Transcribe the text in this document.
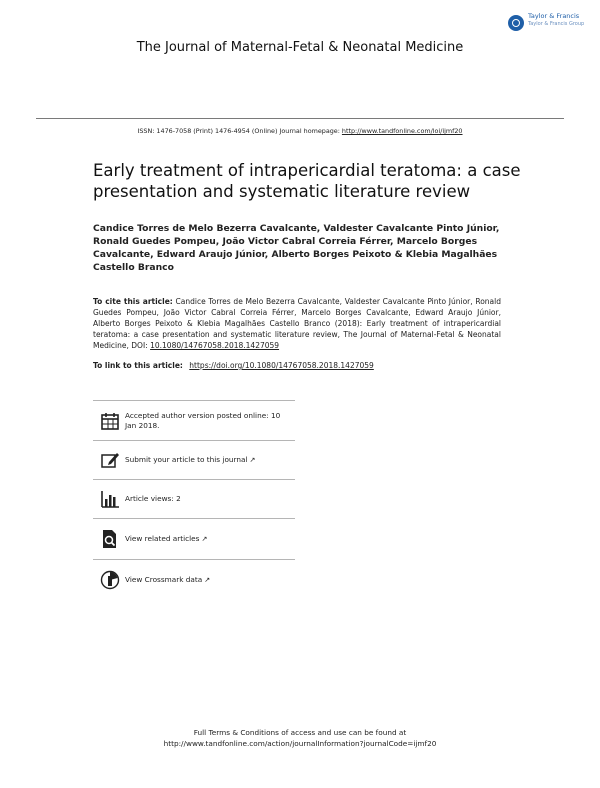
Taylor & Francis
Taylor & Francis Group
The Journal of Maternal-Fetal & Neonatal Medicine
ISSN: 1476-7058 (Print) 1476-4954 (Online) Journal homepage: http://www.tandfonline.com/loi/ijmf20
Early treatment of intrapericardial teratoma: a case presentation and systematic literature review
Candice Torres de Melo Bezerra Cavalcante, Valdester Cavalcante Pinto Júnior, Ronald Guedes Pompeu, João Victor Cabral Correia Férrer, Marcelo Borges Cavalcante, Edward Araujo Júnior, Alberto Borges Peixoto & Klebia Magalhães Castello Branco
To cite this article: Candice Torres de Melo Bezerra Cavalcante, Valdester Cavalcante Pinto Júnior, Ronald Guedes Pompeu, João Victor Cabral Correia Férrer, Marcelo Borges Cavalcante, Edward Araujo Júnior, Alberto Borges Peixoto & Klebia Magalhães Castello Branco (2018): Early treatment of intrapericardial teratoma: a case presentation and systematic literature review, The Journal of Maternal-Fetal & Neonatal Medicine, DOI: 10.1080/14767058.2018.1427059
To link to this article: https://doi.org/10.1080/14767058.2018.1427059
Accepted author version posted online: 10 Jan 2018.
Submit your article to this journal ↗
Article views: 2
View related articles ↗
View Crossmark data ↗
Full Terms & Conditions of access and use can be found at
http://www.tandfonline.com/action/journalInformation?journalCode=ijmf20
